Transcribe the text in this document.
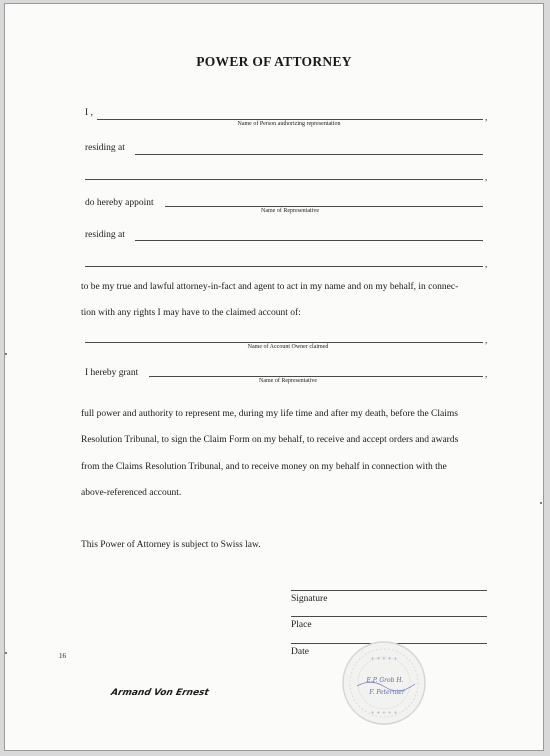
POWER OF ATTORNEY
I ,	,
Name of Person authorizing representation
residing at
,
do hereby appoint
Name of Representative
residing at
,
to be my true and lawful attorney-in-fact and agent to act in my name and on my behalf, in connec-
tion with any rights I may have to the claimed account of:
,
Name of Account Owner claimed
I hereby grant	,
Name of Representative
full power and authority to represent me, during my life time and after my death, before the Claims
Resolution Tribunal, to sign the Claim Form on my behalf, to receive and accept orders and awards
from the Claims Resolution Tribunal, and to receive money on my behalf in connection with the
above-referenced account.
This Power of Attorney is subject to Swiss law.
Signature
Place
Date
16
Armand Von Ernest
+ + + + +
+ + + + +
E.P. Grob H.
F. Peternier
